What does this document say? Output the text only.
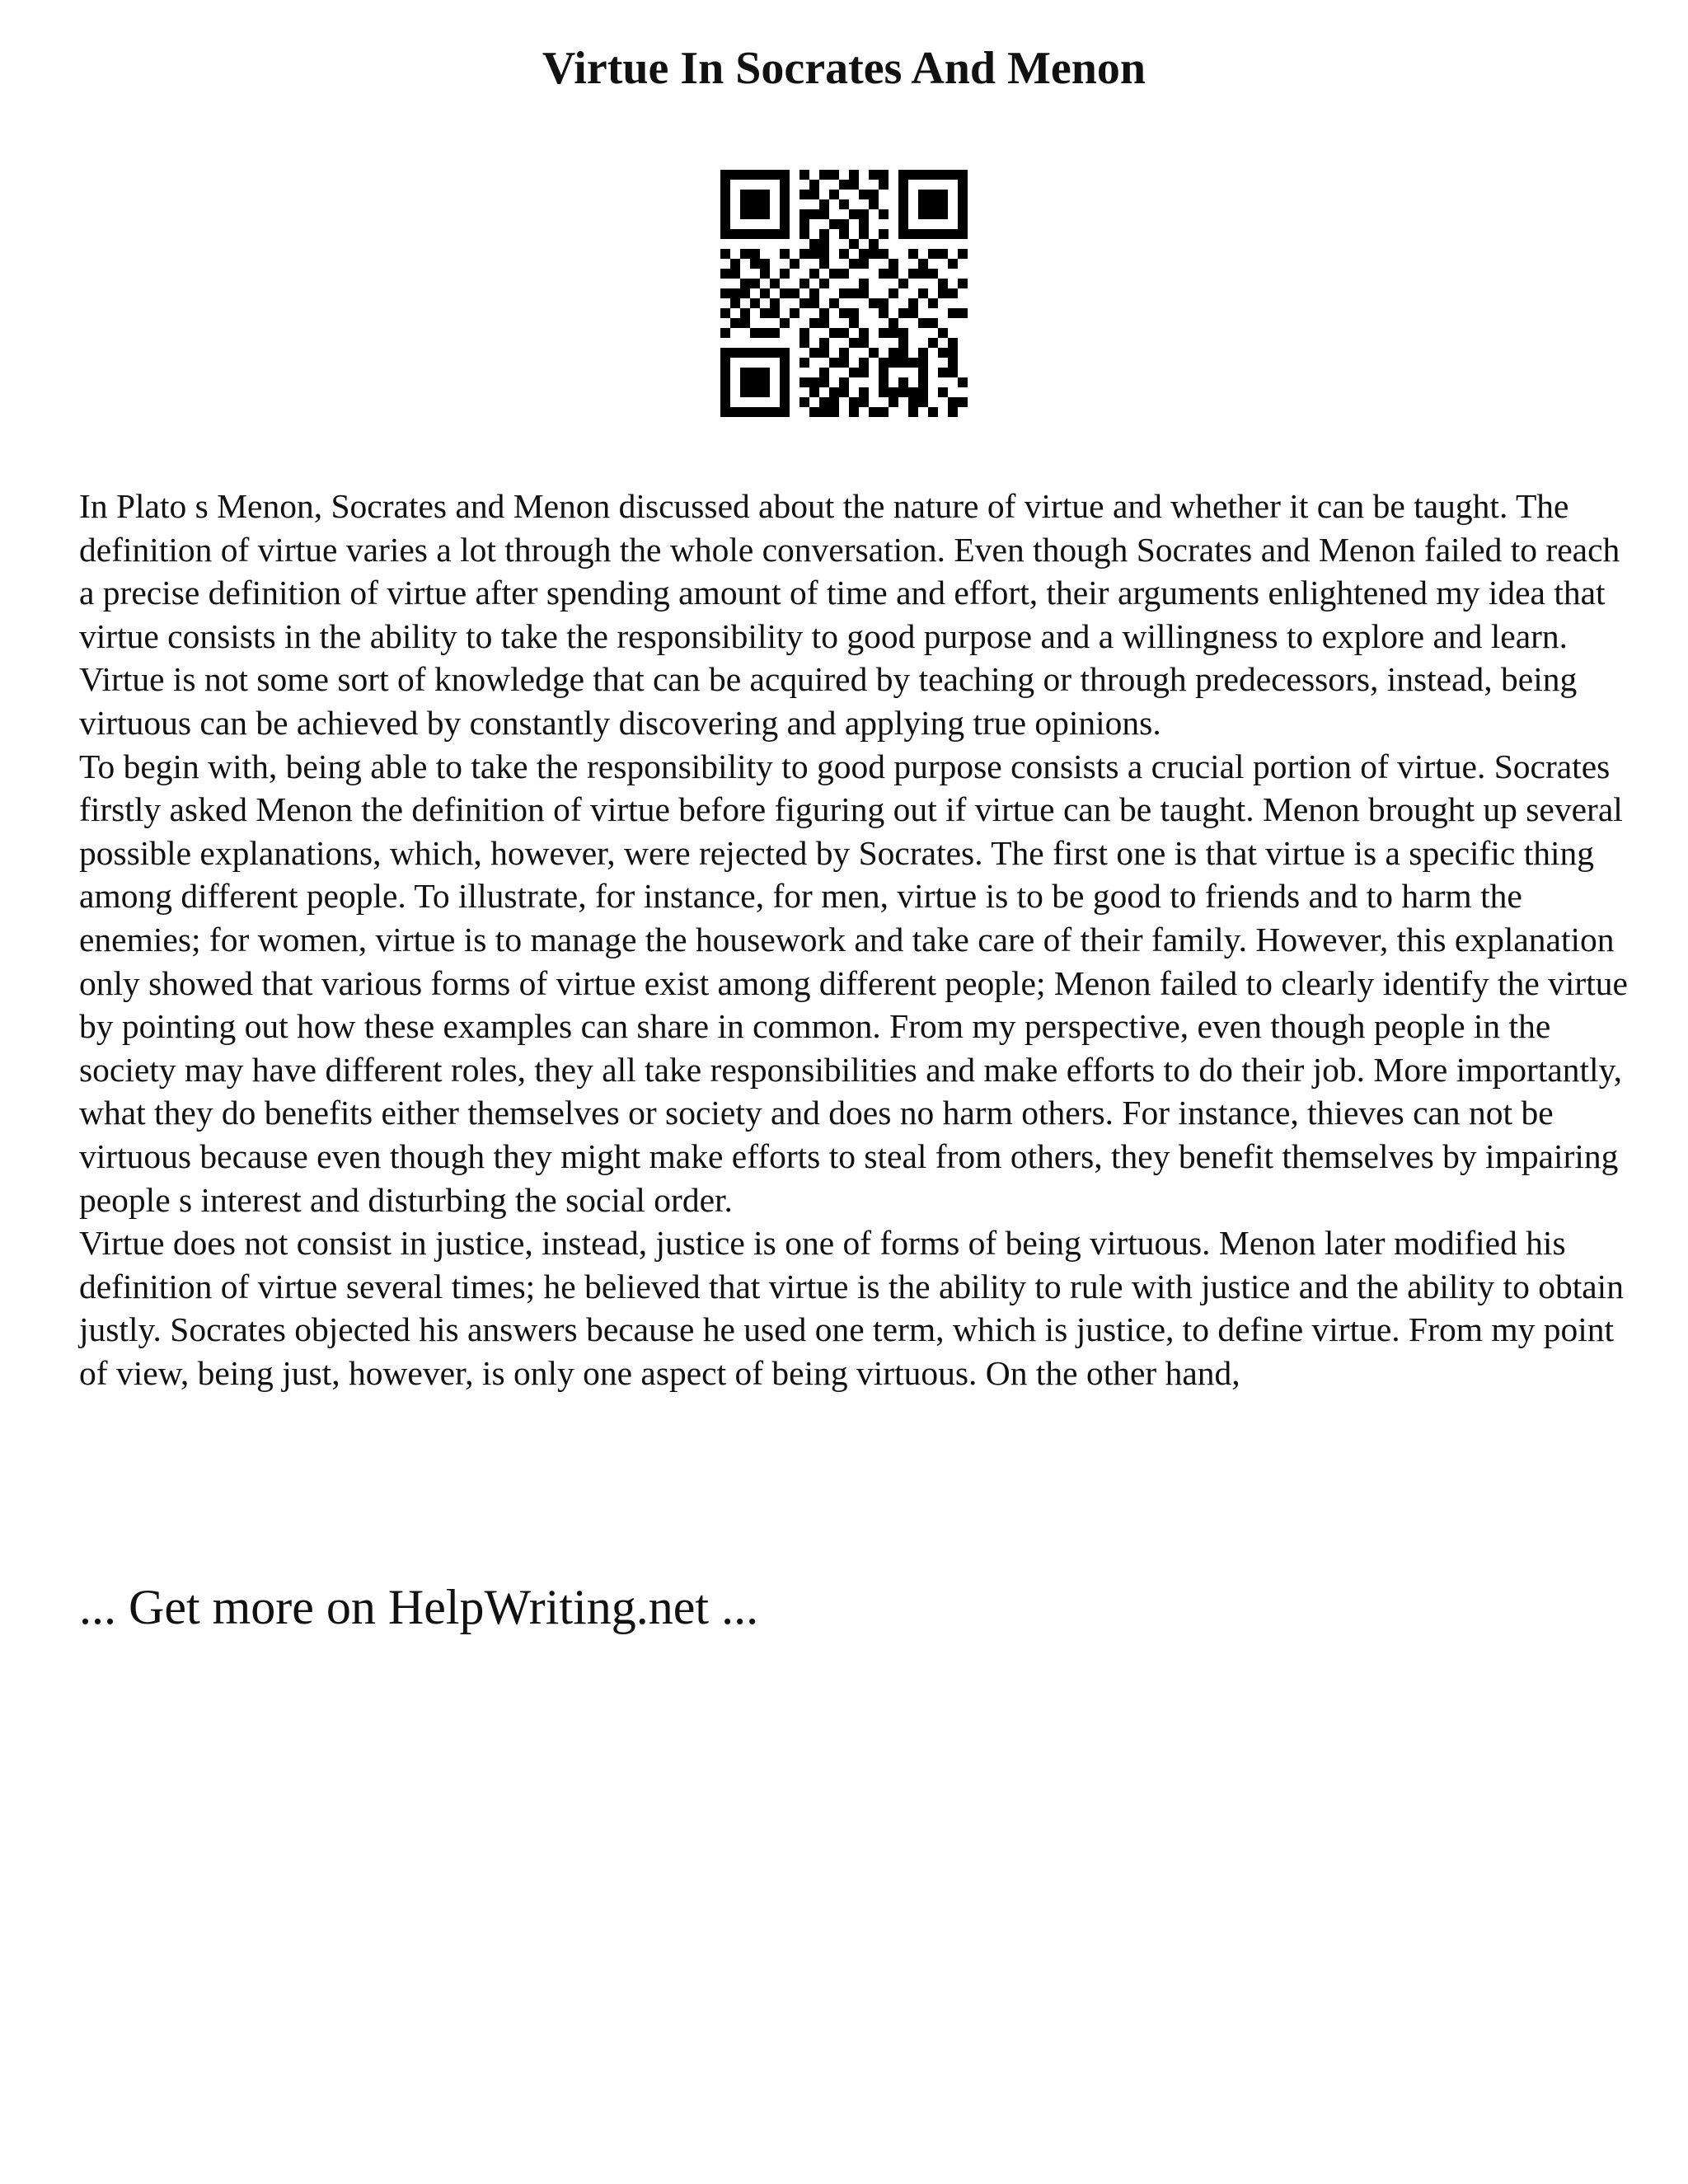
Virtue In Socrates And Menon

In Plato s Menon, Socrates and Menon discussed about the nature of virtue and whether it can be taught. The definition of virtue varies a lot through the whole conversation. Even though Socrates and Menon failed to reach a precise definition of virtue after spending amount of time and effort, their arguments enlightened my idea that virtue consists in the ability to take the responsibility to good purpose and a willingness to explore and learn. Virtue is not some sort of knowledge that can be acquired by teaching or through predecessors, instead, being virtuous can be achieved by constantly discovering and applying true opinions.

To begin with, being able to take the responsibility to good purpose consists a crucial portion of virtue. Socrates firstly asked Menon the definition of virtue before figuring out if virtue can be taught. Menon brought up several possible explanations, which, however, were rejected by Socrates. The first one is that virtue is a specific thing among different people. To illustrate, for instance, for men, virtue is to be good to friends and to harm the enemies; for women, virtue is to manage the housework and take care of their family. However, this explanation only showed that various forms of virtue exist among different people; Menon failed to clearly identify the virtue by pointing out how these examples can share in common. From my perspective, even though people in the society may have different roles, they all take responsibilities and make efforts to do their job. More importantly, what they do benefits either themselves or society and does no harm others. For instance, thieves can not be virtuous because even though they might make efforts to steal from others, they benefit themselves by impairing people s interest and disturbing the social order.

Virtue does not consist in justice, instead, justice is one of forms of being virtuous. Menon later modified his definition of virtue several times; he believed that virtue is the ability to rule with justice and the ability to obtain justly. Socrates objected his answers because he used one term, which is justice, to define virtue. From my point of view, being just, however, is only one aspect of being virtuous. On the other hand,

... Get more on HelpWriting.net ...
